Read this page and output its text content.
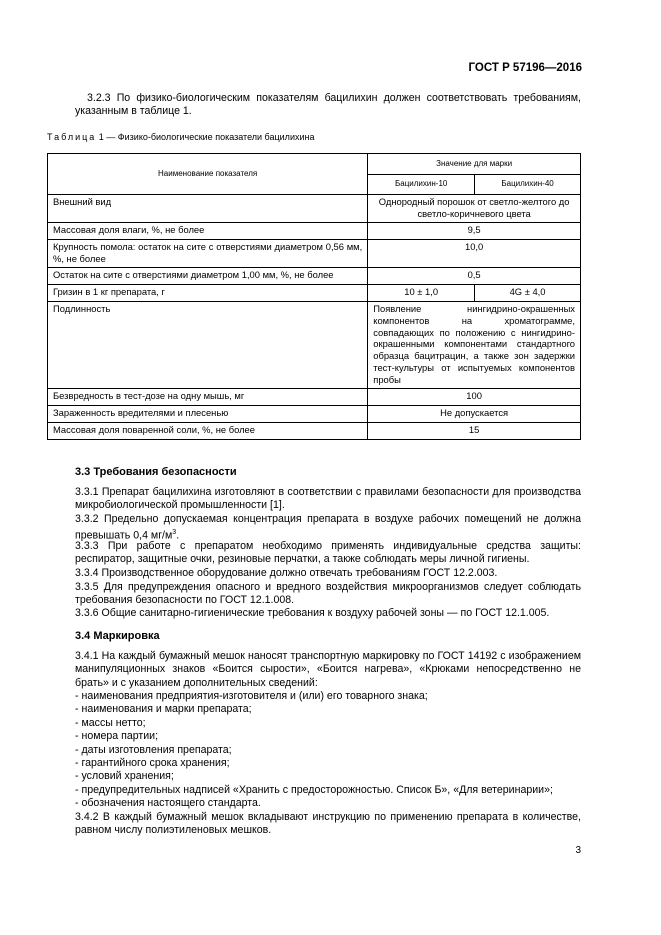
ГОСТ Р 57196—2016

3.2.3 По физико-биологическим показателям бацилихин должен соответствовать требованиям, указанным в таблице 1.

Таблица 1 — Физико-биологические показатели бацилихина
Наименование показателя	Значение для марки	
	Бацилихин-10	Бацилихин-40
Внешний вид	Однородный порошок от светло-желтого до светло-коричневого цвета	
Массовая доля влаги, %, не более	9,5	
Крупность помола: остаток на сите с отверстиями диаметром 0,56 мм, %, не более	10,0	
Остаток на сите с отверстиями диаметром 1,00 мм, %, не более	0,5	
Гризин в 1 кг препарата, г	10 ± 1,0	4G ± 4,0
Подлинность	Появление нингидрино-окрашенных компонентов на хроматограмме, совпадающих по положению с нингидрино-окрашенными компонентами стандартного образца бацитрацин, а также зон задержки тест-культуры от испытуемых компонентов пробы	
Безвредность в тест-дозе на одну мышь, мг	100	
Зараженность вредителями и плесенью	Не допускается	
Массовая доля поваренной соли, %, не более	15	
3.3 Требования безопасности

3.3.1 Препарат бацилихина изготовляют в соответствии с правилами безопасности для производства микробиологической промышленности [1].

3.3.2 Предельно допускаемая концентрация препарата в воздухе рабочих помещений не должна превышать 0,4 $мг/м^3$.

3.3.3 При работе с препаратом необходимо применять индивидуальные средства защиты: респиратор, защитные очки, резиновые перчатки, а также соблюдать меры личной гигиены.

3.3.4 Производственное оборудование должно отвечать требованиям ГОСТ 12.2.003.

3.3.5 Для предупреждения опасного и вредного воздействия микроорганизмов следует соблюдать требования безопасности по ГОСТ 12.1.008.

3.3.6 Общие санитарно-гигиенические требования к воздуху рабочей зоны — по ГОСТ 12.1.005.

3.4 Маркировка

3.4.1 На каждый бумажный мешок наносят транспортную маркировку по ГОСТ 14192 с изображением манипуляционных знаков «Боится сырости», «Боится нагрева», «Крюками непосредственно не брать» и с указанием дополнительных сведений:

- наименования предприятия-изготовителя и (или) его товарного знака;
- наименования и марки препарата;
- массы нетто;
- номера партии;
- даты изготовления препарата;
- гарантийного срока хранения;
- условий хранения;
- предупредительных надписей «Хранить с предосторожностью. Список Б», «Для ветеринарии»;
- обозначения настоящего стандарта.

3.4.2 В каждый бумажный мешок вкладывают инструкцию по применению препарата в количестве, равном числу полиэтиленовых мешков.

3
